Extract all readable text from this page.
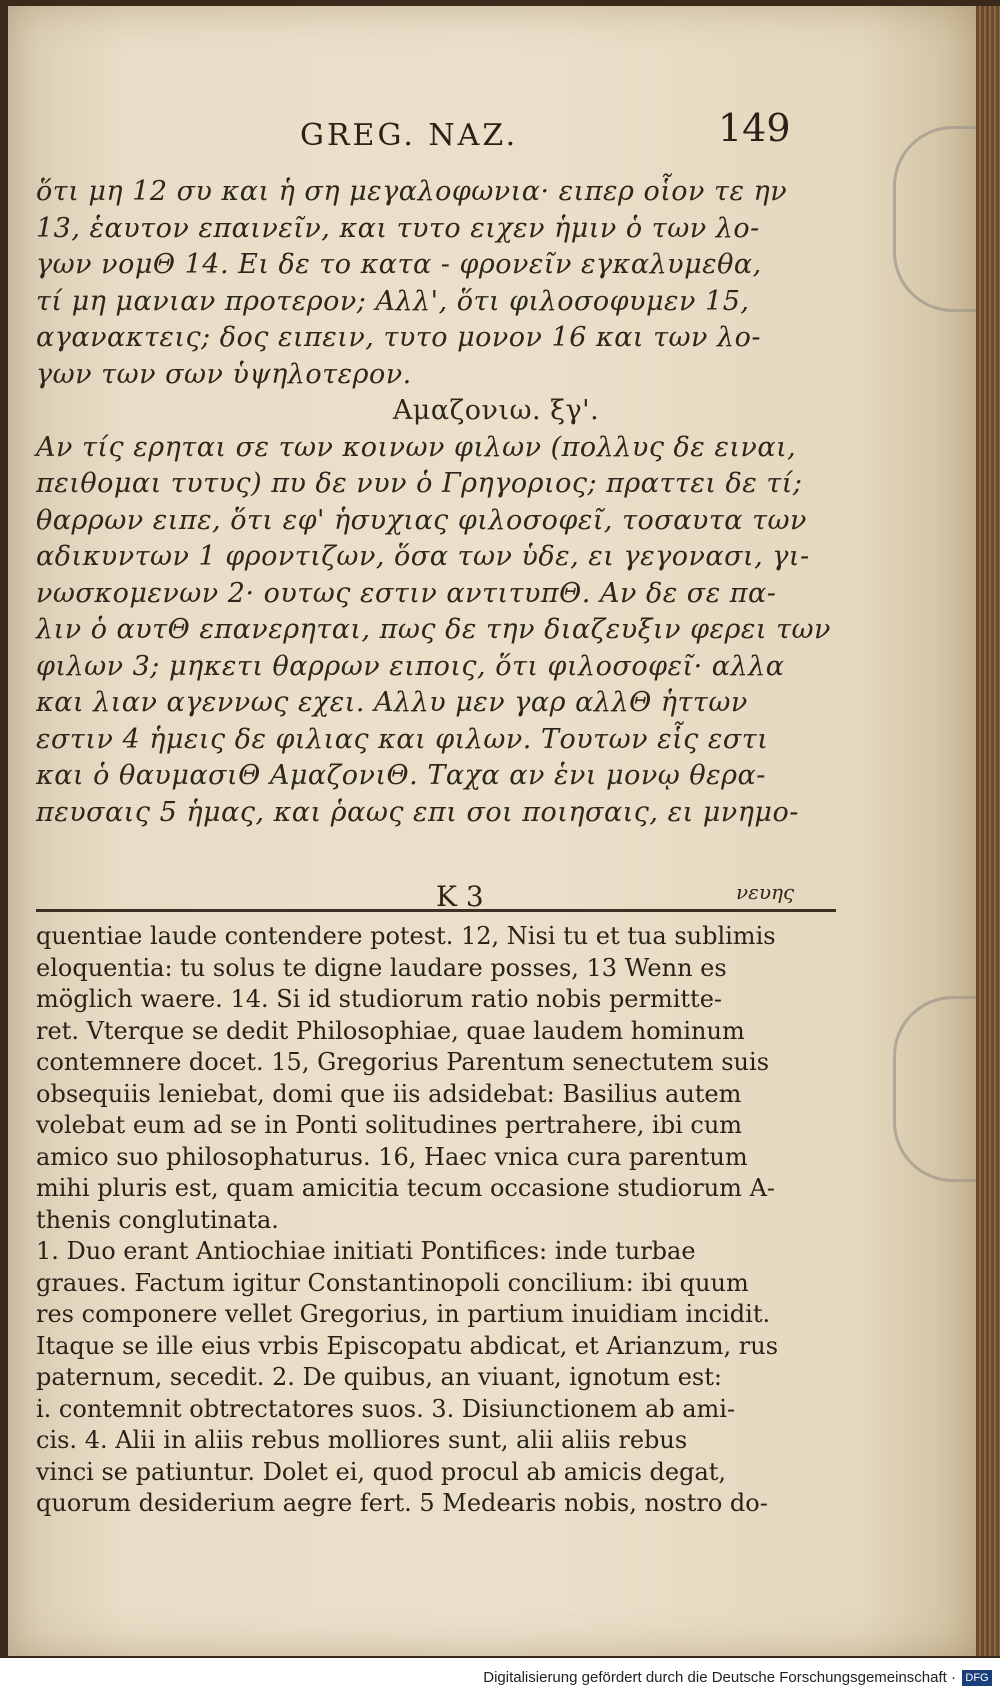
GREG. NAZ.	149

ὅτι μη 12 συ και ἡ ση μεγαλοφωνια· ειπερ οἷον τε ην

13, ἑαυτον επαινεῖν, και τυτο ειχεν ἡμιν ὁ των λο-

γων νομΘ 14. Ει δε το κατα - φρονεῖν εγκαλυμεθα,

τί μη μανιαν προτερον; Αλλ', ὅτι φιλοσοφυμεν 15,

αγανακτεις; δος ειπειν, τυτο μονον 16 και των λο-

γων των σων ὑψηλοτερον.

Αμαζονιω. ξγ'.

Αν τίς ερηται σε των κοινων φιλων (πολλυς δε ειναι,

πειθομαι τυτυς) πυ δε νυν ὁ Γρηγοριος; πραττει δε τί;

θαρρων ειπε, ὅτι εφ' ἡσυχιας φιλοσοφεῖ, τοσαυτα των

αδικυντων 1 φροντιζων, ὅσα των ὑδε, ει γεγονασι, γι-

νωσκομενων 2· ουτως εστιν αντιτυπΘ. Αν δε σε πα-

λιν ὁ αυτΘ επανερηται, πως δε την διαζευξιν φερει των

φιλων 3; μηκετι θαρρων ειποις, ὅτι φιλοσοφεῖ· αλλα

και λιαν αγεννως εχει. Αλλυ μεν γαρ αλλΘ ἡττων

εστιν 4 ἡμεις δε φιλιας και φιλων. Τουτων εἷς εστι

και ὁ θαυμασιΘ ΑμαζονιΘ. Ταχα αν ἑνι μονῳ θερα-

πευσαις 5 ἡμας, και ῥαως επι σοι ποιησαις, ει μνημο-

K 3	νευης

quentiae laude contendere potest. 12, Nisi tu et tua sublimis

eloquentia: tu solus te digne laudare posses, 13 Wenn es

möglich waere. 14. Si id studiorum ratio nobis permitte-

ret. Vterque se dedit Philosophiae, quae laudem hominum

contemnere docet. 15, Gregorius Parentum senectutem suis

obsequiis leniebat, domi que iis adsidebat: Basilius autem

volebat eum ad se in Ponti solitudines pertrahere, ibi cum

amico suo philosophaturus. 16, Haec vnica cura parentum

mihi pluris est, quam amicitia tecum occasione studiorum A-

thenis conglutinata.

1. Duo erant Antiochiae initiati Pontifices: inde turbae

graues. Factum igitur Constantinopoli concilium: ibi quum

res componere vellet Gregorius, in partium inuidiam incidit.

Itaque se ille eius vrbis Episcopatu abdicat, et Arianzum, rus

paternum, secedit. 2. De quibus, an viuant, ignotum est:

i. contemnit obtrectatores suos. 3. Disiunctionem ab ami-

cis. 4. Alii in aliis rebus molliores sunt, alii aliis rebus

vinci se patiuntur. Dolet ei, quod procul ab amicis degat,

quorum desiderium aegre fert. 5 Medearis nobis, nostro do-

Digitalisierung gefördert durch die Deutsche Forschungsgemeinschaft · DFG
